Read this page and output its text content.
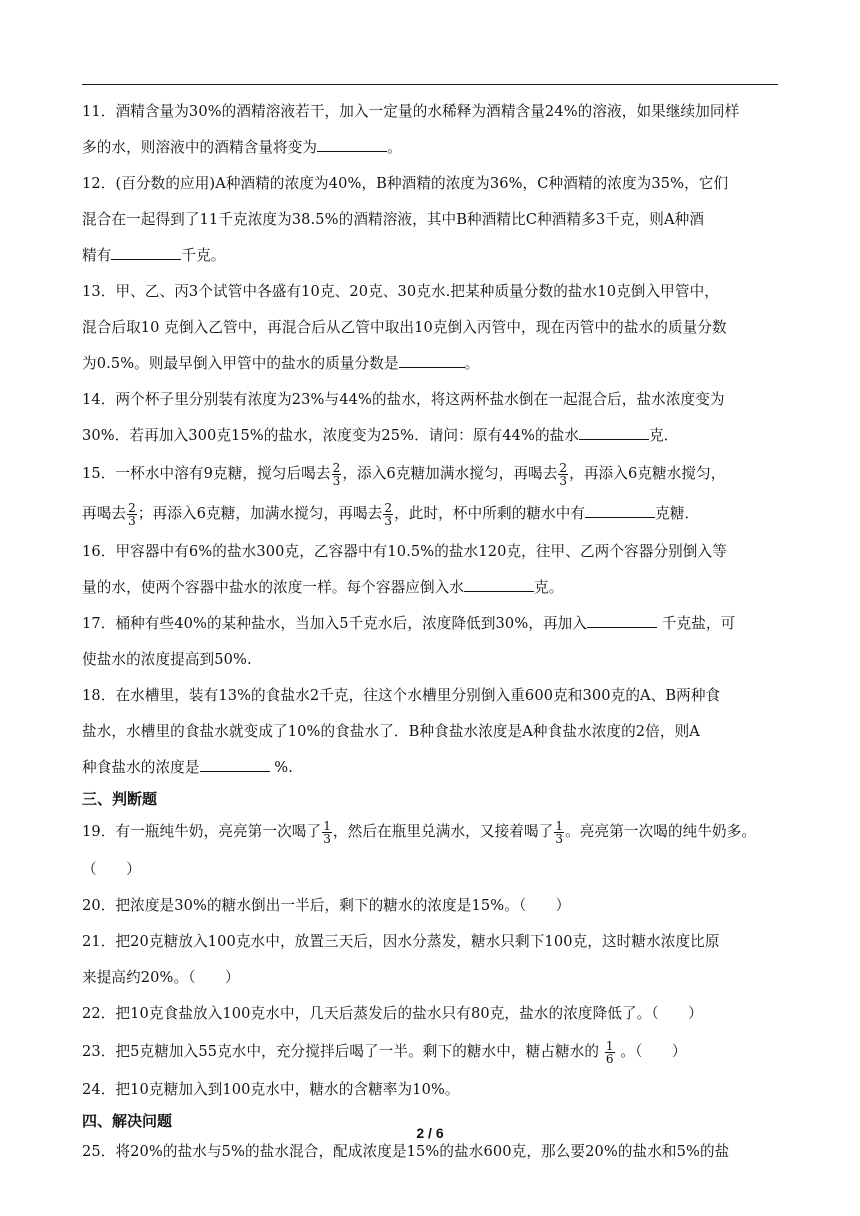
11．酒精含量为30%的酒精溶液若干，加入一定量的水稀释为酒精含量24%的溶液，如果继续加同样
多的水，则溶液中的酒精含量将变为	。
12．(百分数的应用)A种酒精的浓度为40%，B种酒精的浓度为36%，C种酒精的浓度为35%，它们
混合在一起得到了11千克浓度为38.5%的酒精溶液，其中B种酒精比C种酒精多3千克，则A种酒
精有	千克。
13．甲、乙、丙3个试管中各盛有10克、20克、30克水.把某种质量分数的盐水10克倒入甲管中，
混合后取10 克倒入乙管中，再混合后从乙管中取出10克倒入丙管中，现在丙管中的盐水的质量分数
为0.5%。则最早倒入甲管中的盐水的质量分数是	。
14．两个杯子里分别装有浓度为23%与44%的盐水，将这两杯盐水倒在一起混合后，盐水浓度变为
30%．若再加入300克15%的盐水，浓度变为25%．请问：原有44%的盐水	克．
15．一杯水中溶有9克糖，搅匀后喝去 $\frac{2}{3}$ ，添入6克糖加满水搅匀，再喝去 $\frac{2}{3}$ ，再添入6克糖水搅匀，
再喝去 $\frac{2}{3}$ ；再添入6克糖，加满水搅匀，再喝去 $\frac{2}{3}$ ，此时，杯中所剩的糖水中有	克糖．
16．甲容器中有6%的盐水300克，乙容器中有10.5%的盐水120克，往甲、乙两个容器分别倒入等
量的水，使两个容器中盐水的浓度一样。每个容器应倒入水	克。
17．桶种有些40%的某种盐水，当加入5千克水后，浓度降低到30%，再加入	千克盐，可
使盐水的浓度提高到50%.
18．在水槽里，装有13%的食盐水2千克，往这个水槽里分别倒入重600克和300克的A、B两种食
盐水，水槽里的食盐水就变成了10%的食盐水了．B种食盐水浓度是A种食盐水浓度的2倍，则A
种食盐水的浓度是	%.
三、判断题
19．有一瓶纯牛奶，亮亮第一次喝了 $\frac{1}{3}$ ，然后在瓶里兑满水，又接着喝了 $\frac{1}{3}$ 。亮亮第一次喝的纯牛奶多。
（　　）
20．把浓度是30%的糖水倒出一半后，剩下的糖水的浓度是15%。（　　）
21．把20克糖放入100克水中，放置三天后，因水分蒸发，糖水只剩下100克，这时糖水浓度比原
来提高约20%。（　　）
22．把10克食盐放入100克水中，几天后蒸发后的盐水只有80克，盐水的浓度降低了。（　　）
23．把5克糖加入55克水中，充分搅拌后喝了一半。剩下的糖水中，糖占糖水的 $\frac{1}{6}$ 。（　　）
24．把10克糖加入到100克水中，糖水的含糖率为10%。
四、解决问题
25．将20%的盐水与5%的盐水混合，配成浓度是15%的盐水600克，那么要20%的盐水和5%的盐
2 / 6
